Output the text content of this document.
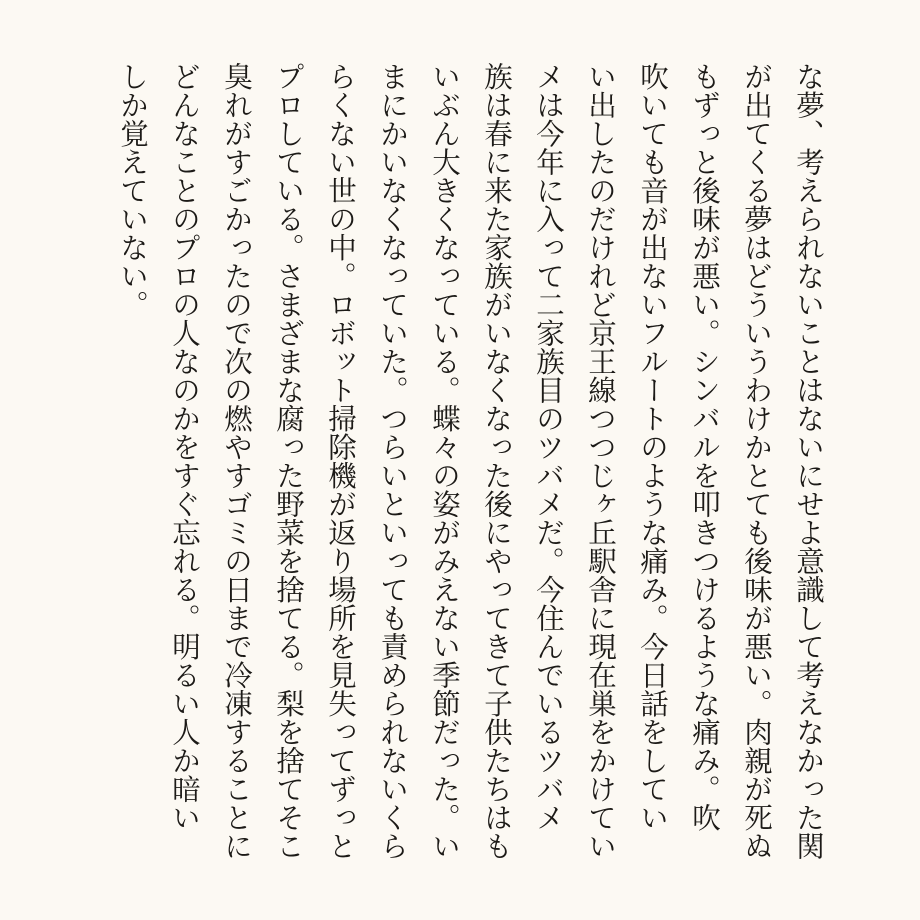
な夢、考えられないことはないにせよ意識して考えなかった関
が出てくる夢はどういうわけかとても後味が悪い。肉親が死ぬ
もずっと後味が悪い。シンバルを叩きつけるような痛み。吹
吹いても音が出ないフルートのような痛み。今日話をしてい
い出したのだけれど京王線つつじヶ丘駅舎に現在巣をかけてい
メは今年に入って二家族目のツバメだ。今住んでいるツバメ
族は春に来た家族がいなくなった後にやってきて子供たちはも
いぶん大きくなっている。蝶々の姿がみえない季節だった。い
まにかいなくなっていた。つらいといっても責められないくら
らくない世の中。ロボット掃除機が返り場所を見失ってずっと
プロしている。さまざまな腐った野菜を捨てる。梨を捨てそこ
臭れがすごかったので次の燃やすゴミの日まで冷凍することに
どんなことのプロの人なのかをすぐ忘れる。明るい人か暗い
しか覚えていない。
